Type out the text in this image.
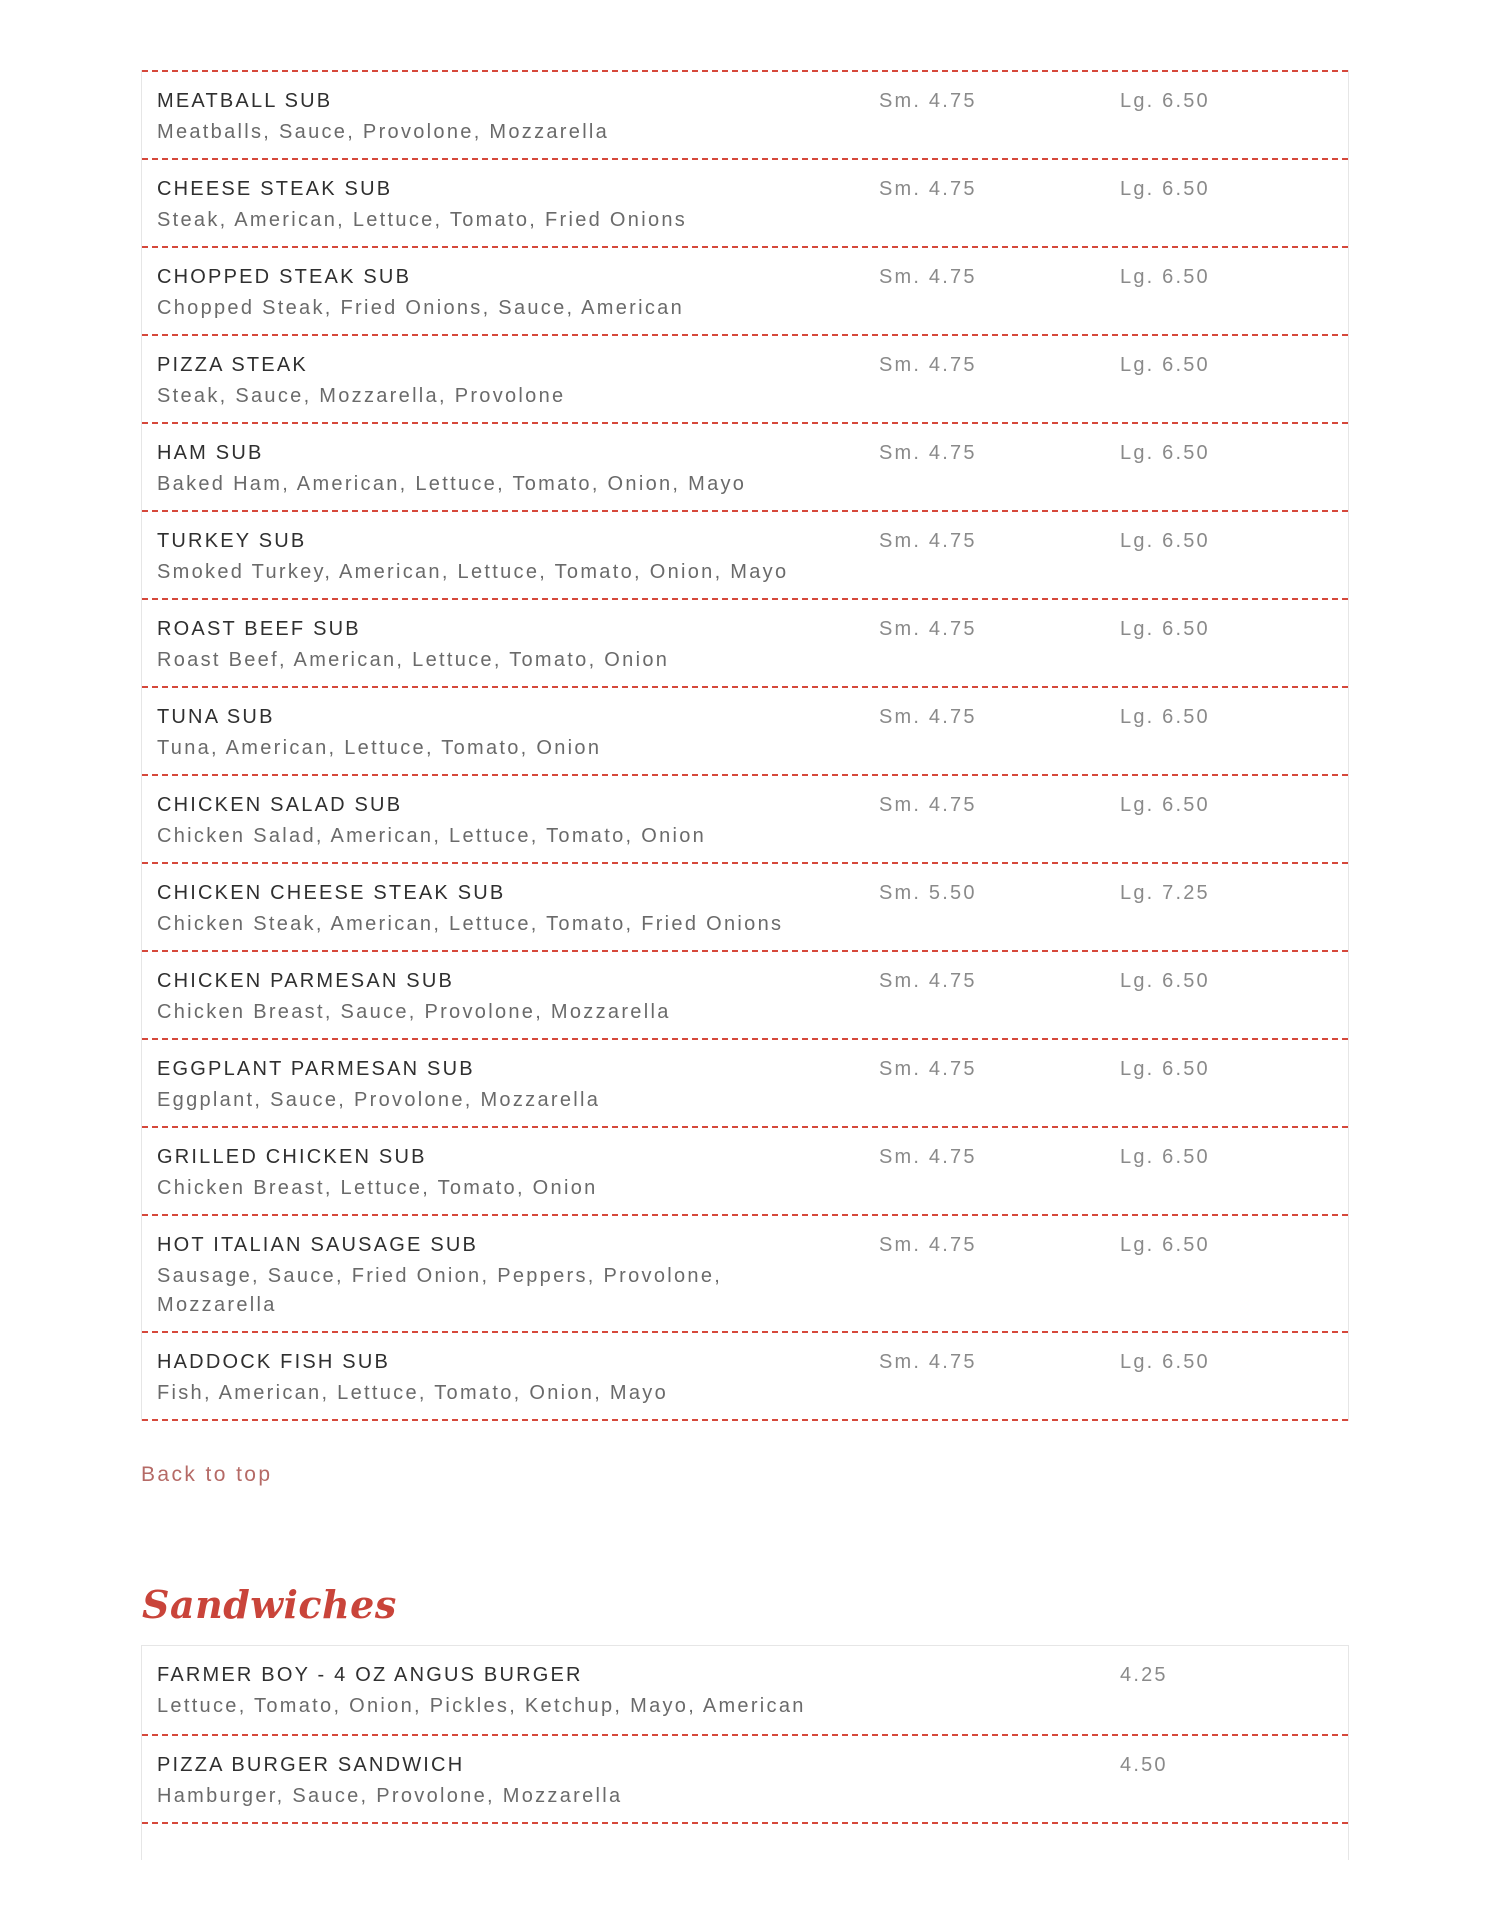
MEATBALL SUB
Meatballs, Sauce, Provolone, Mozzarella
Sm. 4.75	Lg. 6.50
CHEESE STEAK SUB
Steak, American, Lettuce, Tomato, Fried Onions
Sm. 4.75	Lg. 6.50
CHOPPED STEAK SUB
Chopped Steak, Fried Onions, Sauce, American
Sm. 4.75	Lg. 6.50
PIZZA STEAK
Steak, Sauce, Mozzarella, Provolone
Sm. 4.75	Lg. 6.50
HAM SUB
Baked Ham, American, Lettuce, Tomato, Onion, Mayo
Sm. 4.75	Lg. 6.50
TURKEY SUB
Smoked Turkey, American, Lettuce, Tomato, Onion, Mayo
Sm. 4.75	Lg. 6.50
ROAST BEEF SUB
Roast Beef, American, Lettuce, Tomato, Onion
Sm. 4.75	Lg. 6.50
TUNA SUB
Tuna, American, Lettuce, Tomato, Onion
Sm. 4.75	Lg. 6.50
CHICKEN SALAD SUB
Chicken Salad, American, Lettuce, Tomato, Onion
Sm. 4.75	Lg. 6.50
CHICKEN CHEESE STEAK SUB
Chicken Steak, American, Lettuce, Tomato, Fried Onions
Sm. 5.50	Lg. 7.25
CHICKEN PARMESAN SUB
Chicken Breast, Sauce, Provolone, Mozzarella
Sm. 4.75	Lg. 6.50
EGGPLANT PARMESAN SUB
Eggplant, Sauce, Provolone, Mozzarella
Sm. 4.75	Lg. 6.50
GRILLED CHICKEN SUB
Chicken Breast, Lettuce, Tomato, Onion
Sm. 4.75	Lg. 6.50
HOT ITALIAN SAUSAGE SUB
Sausage, Sauce, Fried Onion, Peppers, Provolone, Mozzarella
Sm. 4.75	Lg. 6.50
HADDOCK FISH SUB
Fish, American, Lettuce, Tomato, Onion, Mayo
Sm. 4.75	Lg. 6.50
Back to top
Sandwiches
FARMER BOY - 4 OZ ANGUS BURGER
Lettuce, Tomato, Onion, Pickles, Ketchup, Mayo, American
4.25
PIZZA BURGER SANDWICH
Hamburger, Sauce, Provolone, Mozzarella
4.50
